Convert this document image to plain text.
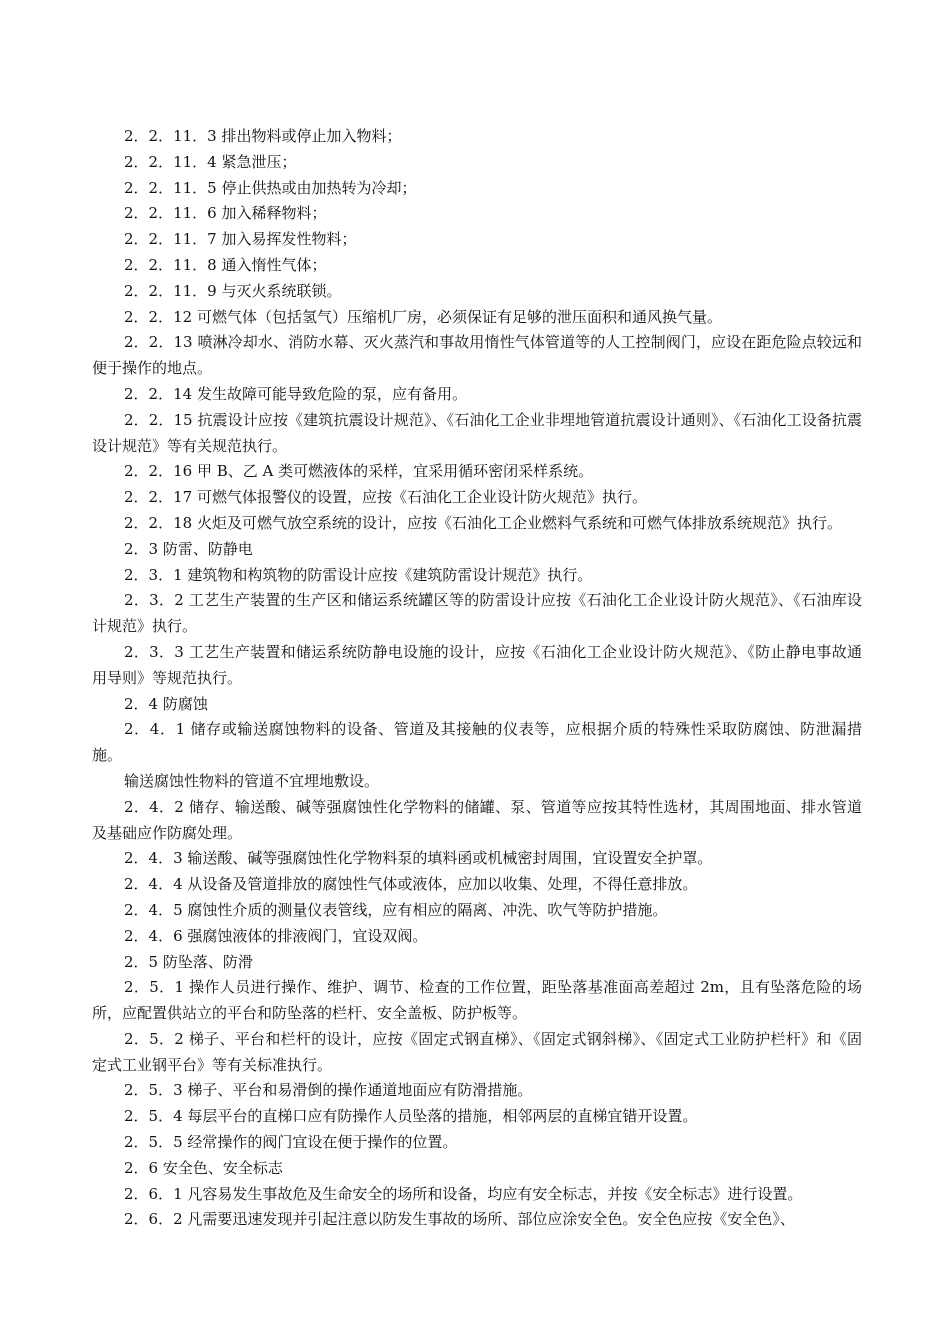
2．2．11．3 排出物料或停止加入物料；

2．2．11．4 紧急泄压；

2．2．11．5 停止供热或由加热转为冷却；

2．2．11．6 加入稀释物料；

2．2．11．7 加入易挥发性物料；

2．2．11．8 通入惰性气体；

2．2．11．9 与灭火系统联锁。

2．2．12 可燃气体（包括氢气）压缩机厂房，必须保证有足够的泄压面积和通风换气量。

2．2．13 喷淋冷却水、消防水幕、灭火蒸汽和事故用惰性气体管道等的人工控制阀门，应设在距危险点较远和便于操作的地点。

2．2．14 发生故障可能导致危险的泵，应有备用。

2．2．15 抗震设计应按《建筑抗震设计规范》、《石油化工企业非埋地管道抗震设计通则》、《石油化工设备抗震设计规范》等有关规范执行。

2．2．16 甲 B、乙 A 类可燃液体的采样，宜采用循环密闭采样系统。

2．2．17 可燃气体报警仪的设置，应按《石油化工企业设计防火规范》执行。

2．2．18 火炬及可燃气放空系统的设计，应按《石油化工企业燃料气系统和可燃气体排放系统规范》执行。

2．3 防雷、防静电

2．3．1 建筑物和构筑物的防雷设计应按《建筑防雷设计规范》执行。

2．3．2 工艺生产装置的生产区和储运系统罐区等的防雷设计应按《石油化工企业设计防火规范》、《石油库设计规范》执行。

2．3．3 工艺生产装置和储运系统防静电设施的设计，应按《石油化工企业设计防火规范》、《防止静电事故通用导则》等规范执行。

2．4 防腐蚀

2．4．1 储存或输送腐蚀物料的设备、管道及其接触的仪表等，应根据介质的特殊性采取防腐蚀、防泄漏措施。

输送腐蚀性物料的管道不宜埋地敷设。

2．4．2 储存、输送酸、碱等强腐蚀性化学物料的储罐、泵、管道等应按其特性选材，其周围地面、排水管道及基础应作防腐处理。

2．4．3 输送酸、碱等强腐蚀性化学物料泵的填料函或机械密封周围，宜设置安全护罩。

2．4．4 从设备及管道排放的腐蚀性气体或液体，应加以收集、处理，不得任意排放。

2．4．5 腐蚀性介质的测量仪表管线，应有相应的隔离、冲洗、吹气等防护措施。

2．4．6 强腐蚀液体的排液阀门，宜设双阀。

2．5 防坠落、防滑

2．5．1 操作人员进行操作、维护、调节、检查的工作位置，距坠落基准面高差超过 2m，且有坠落危险的场所，应配置供站立的平台和防坠落的栏杆、安全盖板、防护板等。

2．5．2 梯子、平台和栏杆的设计，应按《固定式钢直梯》、《固定式钢斜梯》、《固定式工业防护栏杆》和《固定式工业钢平台》等有关标准执行。

2．5．3 梯子、平台和易滑倒的操作通道地面应有防滑措施。

2．5．4 每层平台的直梯口应有防操作人员坠落的措施，相邻两层的直梯宜错开设置。

2．5．5 经常操作的阀门宜设在便于操作的位置。

2．6 安全色、安全标志

2．6．1 凡容易发生事故危及生命安全的场所和设备，均应有安全标志，并按《安全标志》进行设置。

2．6．2 凡需要迅速发现并引起注意以防发生事故的场所、部位应涂安全色。安全色应按《安全色》、
